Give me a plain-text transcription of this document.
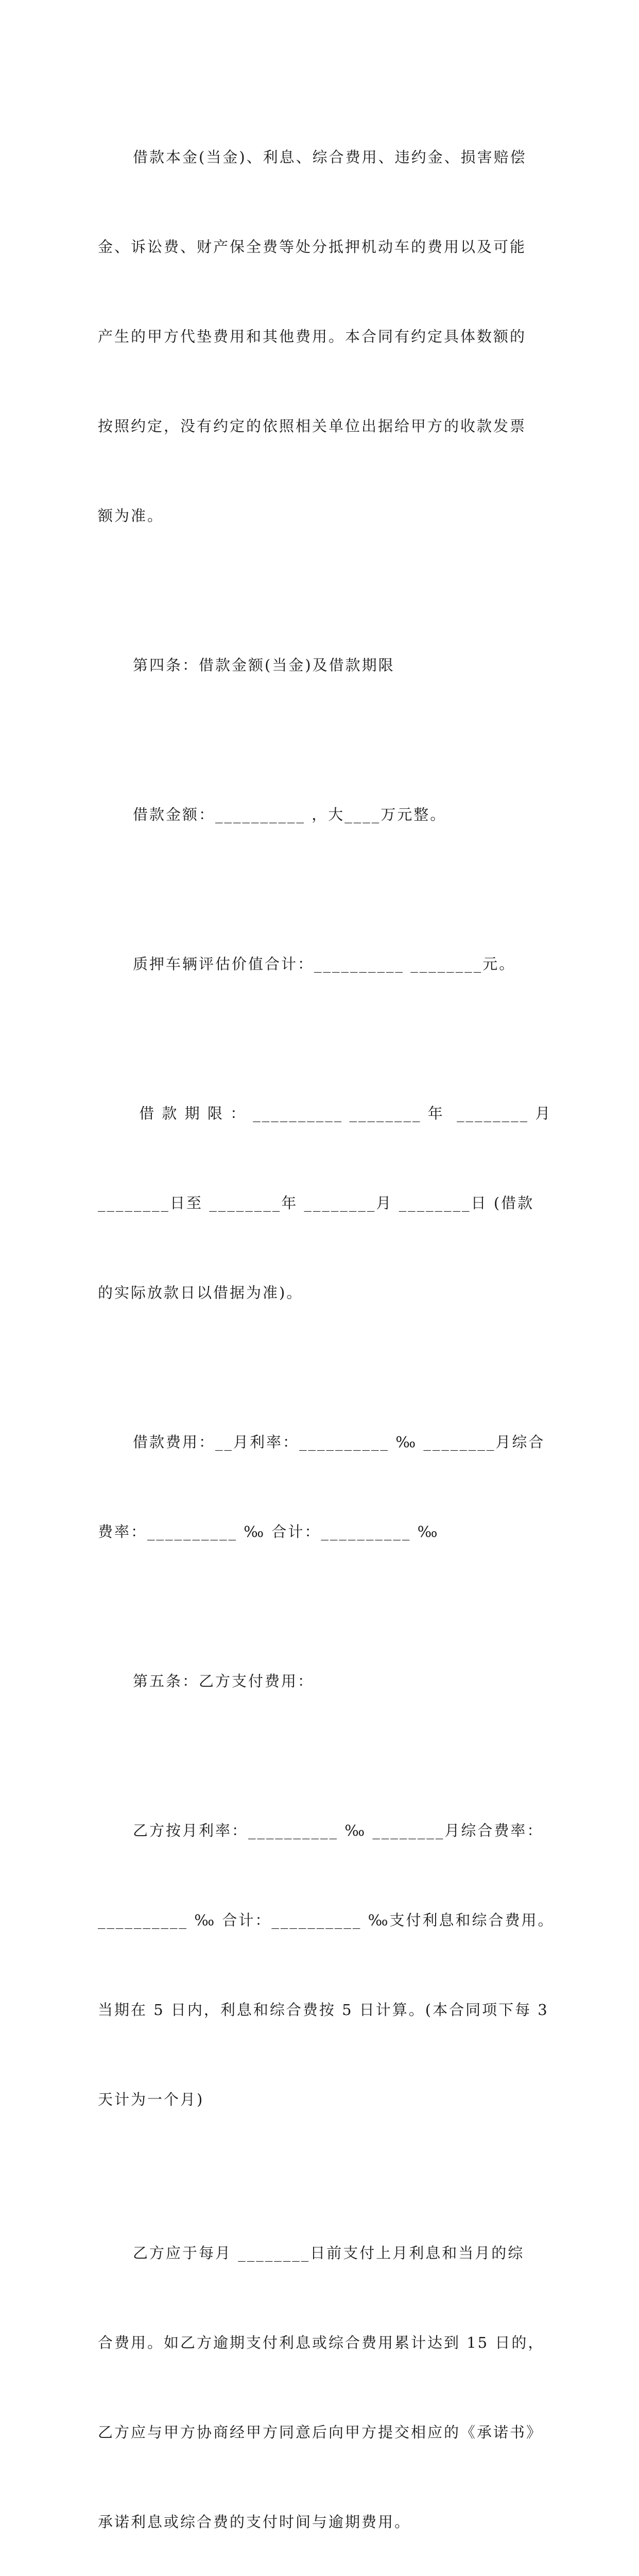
借款本金(当金)、利息、综合费用、违约金、损害赔偿

金、诉讼费、财产保全费等处分抵押机动车的费用以及可能

产生的甲方代垫费用和其他费用。本合同有约定具体数额的

按照约定，没有约定的依照相关单位出据给甲方的收款发票

额为准。

第四条：借款金额(当金)及借款期限

借款金额：__________ ，大____万元整。

质押车辆评估价值合计：__________ ________元。

借 款 期 限 ： __________ ________ 年  ________ 月

________日至 ________年 ________月 ________日 (借款

的实际放款日以借据为准)。

借款费用：__月利率：__________ ‰ ________月综合

费率：__________ ‰ 合计：__________ ‰

第五条：乙方支付费用：

乙方按月利率：__________ ‰ ________月综合费率：

__________ ‰ 合计：__________ ‰支付利息和综合费用。

当期在 5 日内，利息和综合费按 5 日计算。(本合同项下每 3

天计为一个月)

乙方应于每月 ________日前支付上月利息和当月的综

合费用。如乙方逾期支付利息或综合费用累计达到 15 日的，

乙方应与甲方协商经甲方同意后向甲方提交相应的《承诺书》

承诺利息或综合费的支付时间与逾期费用。
